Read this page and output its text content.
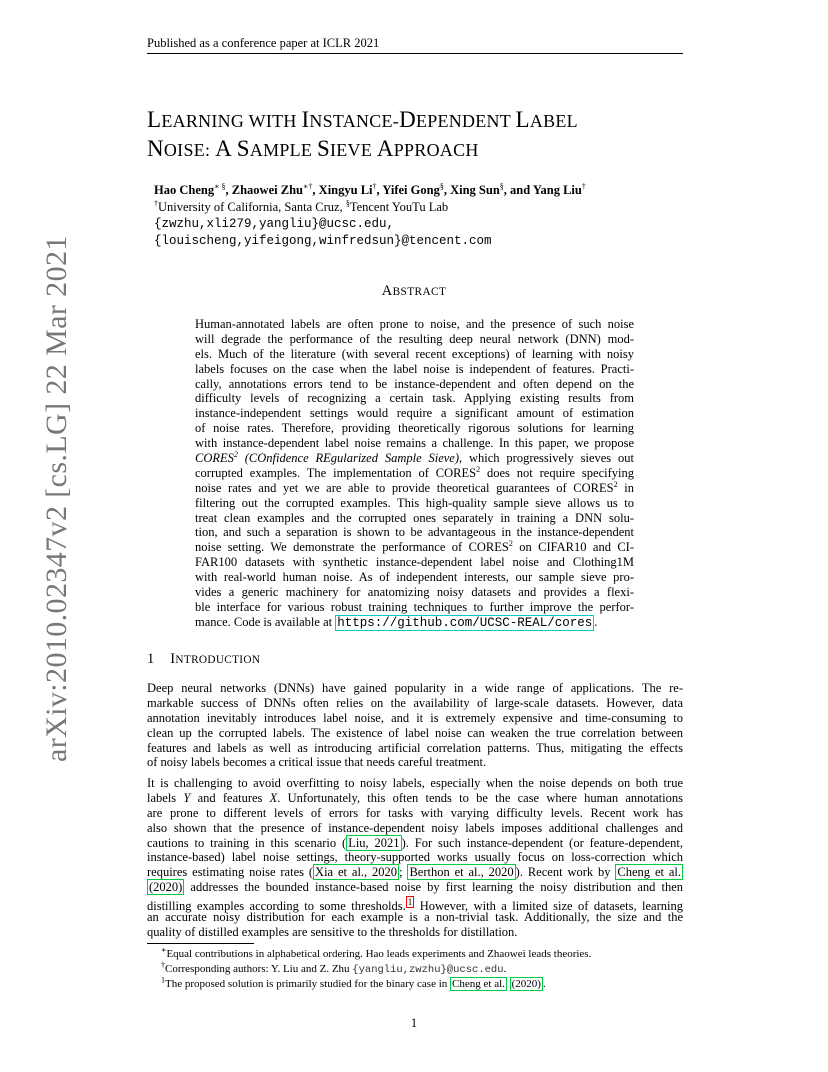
Published as a conference paper at ICLR 2021
arXiv:2010.02347v2 [cs.LG] 22 Mar 2021
LEARNING WITH INSTANCE-DEPENDENT LABEL
NOISE: A SAMPLE SIEVE APPROACH
Hao Cheng∗ §, Zhaowei Zhu∗†, Xingyu Li†, Yifei Gong§, Xing Sun§, and Yang Liu†
†University of California, Santa Cruz, §Tencent YouTu Lab
{zwzhu,xli279,yangliu}@ucsc.edu,
{louischeng,yifeigong,winfredsun}@tencent.com
ABSTRACT
Human-annotated labels are often prone to noise, and the presence of such noise
will degrade the performance of the resulting deep neural network (DNN) mod-
els. Much of the literature (with several recent exceptions) of learning with noisy
labels focuses on the case when the label noise is independent of features. Practi-
cally, annotations errors tend to be instance-dependent and often depend on the
difficulty levels of recognizing a certain task. Applying existing results from
instance-independent settings would require a significant amount of estimation
of noise rates. Therefore, providing theoretically rigorous solutions for learning
with instance-dependent label noise remains a challenge. In this paper, we propose
CORES$^2$ (COnfidence REgularized Sample Sieve), which progressively sieves out
corrupted examples. The implementation of CORES$^2$ does not require specifying
noise rates and yet we are able to provide theoretical guarantees of CORES$^2$ in
filtering out the corrupted examples. This high-quality sample sieve allows us to
treat clean examples and the corrupted ones separately in training a DNN solu-
tion, and such a separation is shown to be advantageous in the instance-dependent
noise setting. We demonstrate the performance of CORES$^2$ on CIFAR10 and CI-
FAR100 datasets with synthetic instance-dependent label noise and Clothing1M
with real-world human noise. As of independent interests, our sample sieve pro-
vides a generic machinery for anatomizing noisy datasets and provides a flexi-
ble interface for various robust training techniques to further improve the perfor-
mance. Code is available at https://github.com/UCSC-REAL/cores .
1 INTRODUCTION
Deep neural networks (DNNs) have gained popularity in a wide range of applications. The re-
markable success of DNNs often relies on the availability of large-scale datasets. However, data
annotation inevitably introduces label noise, and it is extremely expensive and time-consuming to
clean up the corrupted labels. The existence of label noise can weaken the true correlation between
features and labels as well as introducing artificial correlation patterns. Thus, mitigating the effects
of noisy labels becomes a critical issue that needs careful treatment.
It is challenging to avoid overfitting to noisy labels, especially when the noise depends on both true
labels Y and features X. Unfortunately, this often tends to be the case where human annotations
are prone to different levels of errors for tasks with varying difficulty levels. Recent work has
also shown that the presence of instance-dependent noisy labels imposes additional challenges and
cautions to training in this scenario ( Liu, 2021 ). For such instance-dependent (or feature-dependent,
instance-based) label noise settings, theory-supported works usually focus on loss-correction which
requires estimating noise rates ( Xia et al., 2020 ; Berthon et al., 2020 ). Recent work by Cheng et al.
(2020) addresses the bounded instance-based noise by first learning the noisy distribution and then
distilling examples according to some thresholds. $^1$ However, with a limited size of datasets, learning
an accurate noisy distribution for each example is a non-trivial task. Additionally, the size and the
quality of distilled examples are sensitive to the thresholds for distillation.
∗Equal contributions in alphabetical ordering. Hao leads experiments and Zhaowei leads theories.
†Corresponding authors: Y. Liu and Z. Zhu {yangliu,zwzhu}@ucsc.edu.
$^1$The proposed solution is primarily studied for the binary case in Cheng et al. (2020) .
1
